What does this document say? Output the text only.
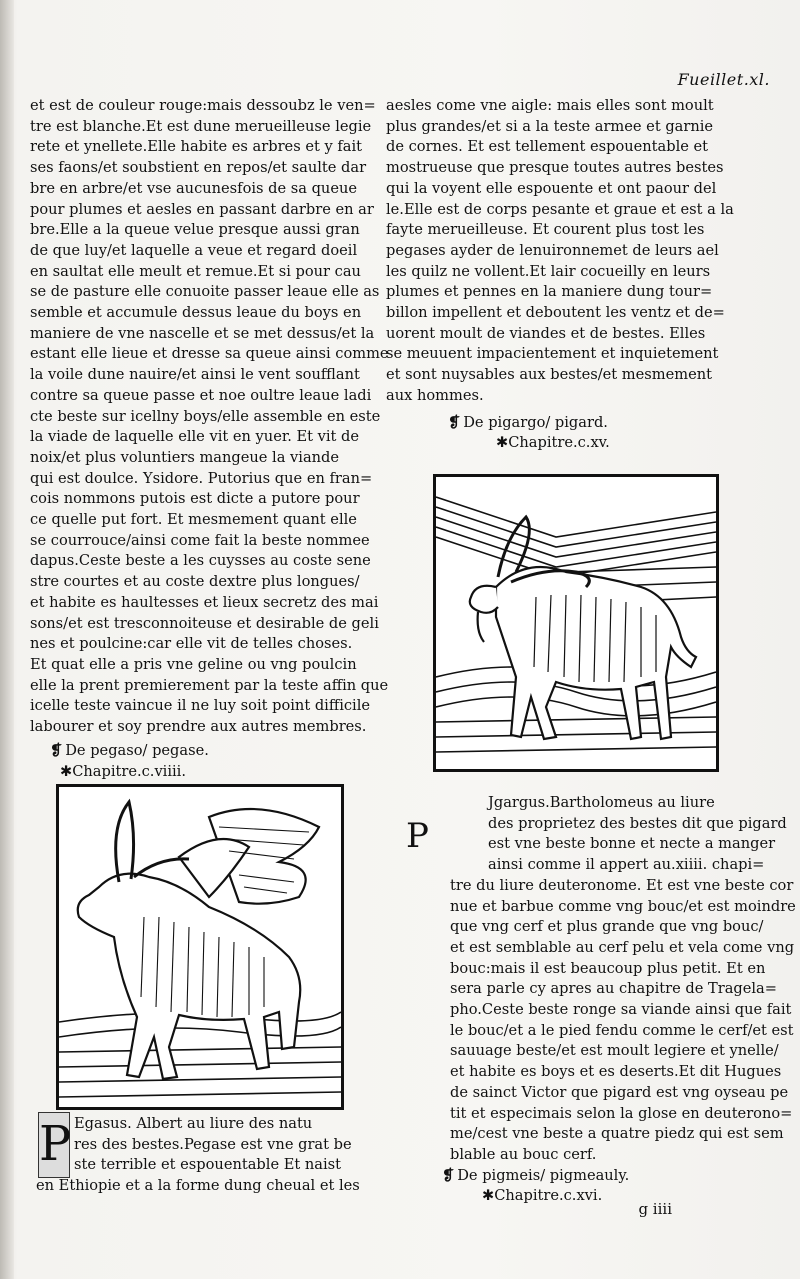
Fueillet.xl.

et est de couleur rouge:mais dessoubz le ven=

tre est blanche.Et est dune merueilleuse legie

rete et ynellete.Elle habite es arbres et y fait

ses faons/et soubstient en repos/et saulte dar

bre en arbre/et vse aucunesfois de sa queue

pour plumes et aesles en passant darbre en ar

bre.Elle a la queue velue presque aussi gran

de que luy/et laquelle a veue et regard doeil

en saultat elle meult et remue.Et si pour cau

se de pasture elle conuoite passer leaue elle as

semble et accumule dessus leaue du boys en

maniere de vne nascelle et se met dessus/et la

estant elle lieue et dresse sa queue ainsi comme

la voile dune nauire/et ainsi le vent soufflant

contre sa queue passe et noe oultre leaue ladi

cte beste sur icellny boys/elle assemble en este

la viade de laquelle elle vit en yuer. Et vit de

noix/et plus voluntiers mangeue la viande

qui est doulce. Ysidore. Putorius que en fran=

cois nommons putois est dicte a putore pour

ce quelle put fort. Et mesmement quant elle

se courrouce/ainsi come fait la beste nommee

dapus.Ceste beste a les cuysses au coste sene

stre courtes et au coste dextre plus longues/

et habite es haultesses et lieux secretz des mai

sons/et est tresconnoiteuse et desirable de geli

nes et poulcine:car elle vit de telles choses.

Et quat elle a pris vne geline ou vng poulcin

elle la prent premierement par la teste affin que

icelle teste vaincue il ne luy soit point difficile

labourer et soy prendre aux autres membres.

❡ De pegaso/ pegase.
✱Chapitre.c.viiii.

aesles come vne aigle: mais elles sont moult

plus grandes/et si a la teste armee et garnie

de cornes. Et est tellement espouentable et

mostrueuse que presque toutes autres bestes

qui la voyent elle espouente et ont paour del

le.Elle est de corps pesante et graue et est a la

fayte merueilleuse. Et courent plus tost les

pegases ayder de lenuironnemet de leurs ael

les quilz ne vollent.Et lair cocueilly en leurs

plumes et pennes en la maniere dung tour=

billon impellent et deboutent les ventz et de=

uorent moult de viandes et de bestes. Elles

se meuuent impacientement et inquietement

et sont nuysables aux bestes/et mesmement

aux hommes.

❡ De pigargo/ pigard.
✱Chapitre.c.xv.
P

Jgargus.Bartholomeus au liure

des proprietez des bestes dit que pigard

est vne beste bonne et necte a manger

ainsi comme il appert au.xiiii. chapi=

tre du liure deuteronome. Et est vne beste cor

nue et barbue comme vng bouc/et est moindre

que vng cerf et plus grande que vng bouc/

et est semblable au cerf pelu et vela come vng

bouc:mais il est beaucoup plus petit. Et en

sera parle cy apres au chapitre de Tragela=

pho.Ceste beste ronge sa viande ainsi que fait

le bouc/et a le pied fendu comme le cerf/et est

sauuage beste/et est moult legiere et ynelle/

et habite es boys et es deserts.Et dit Hugues

de sainct Victor que pigard est vng oyseau pe

tit et especimais selon la glose en deuterono=

me/cest vne beste a quatre piedz qui est sem

blable au bouc cerf.

❡ De pigmeis/ pigmeauly.
✱Chapitre.c.xvi.
P Egasus. Albert au liure des natu

res des bestes.Pegase est vne grat be

ste terrible et espouentable Et naist

en Ethiopie et a la forme dung cheual et les

g iiii
